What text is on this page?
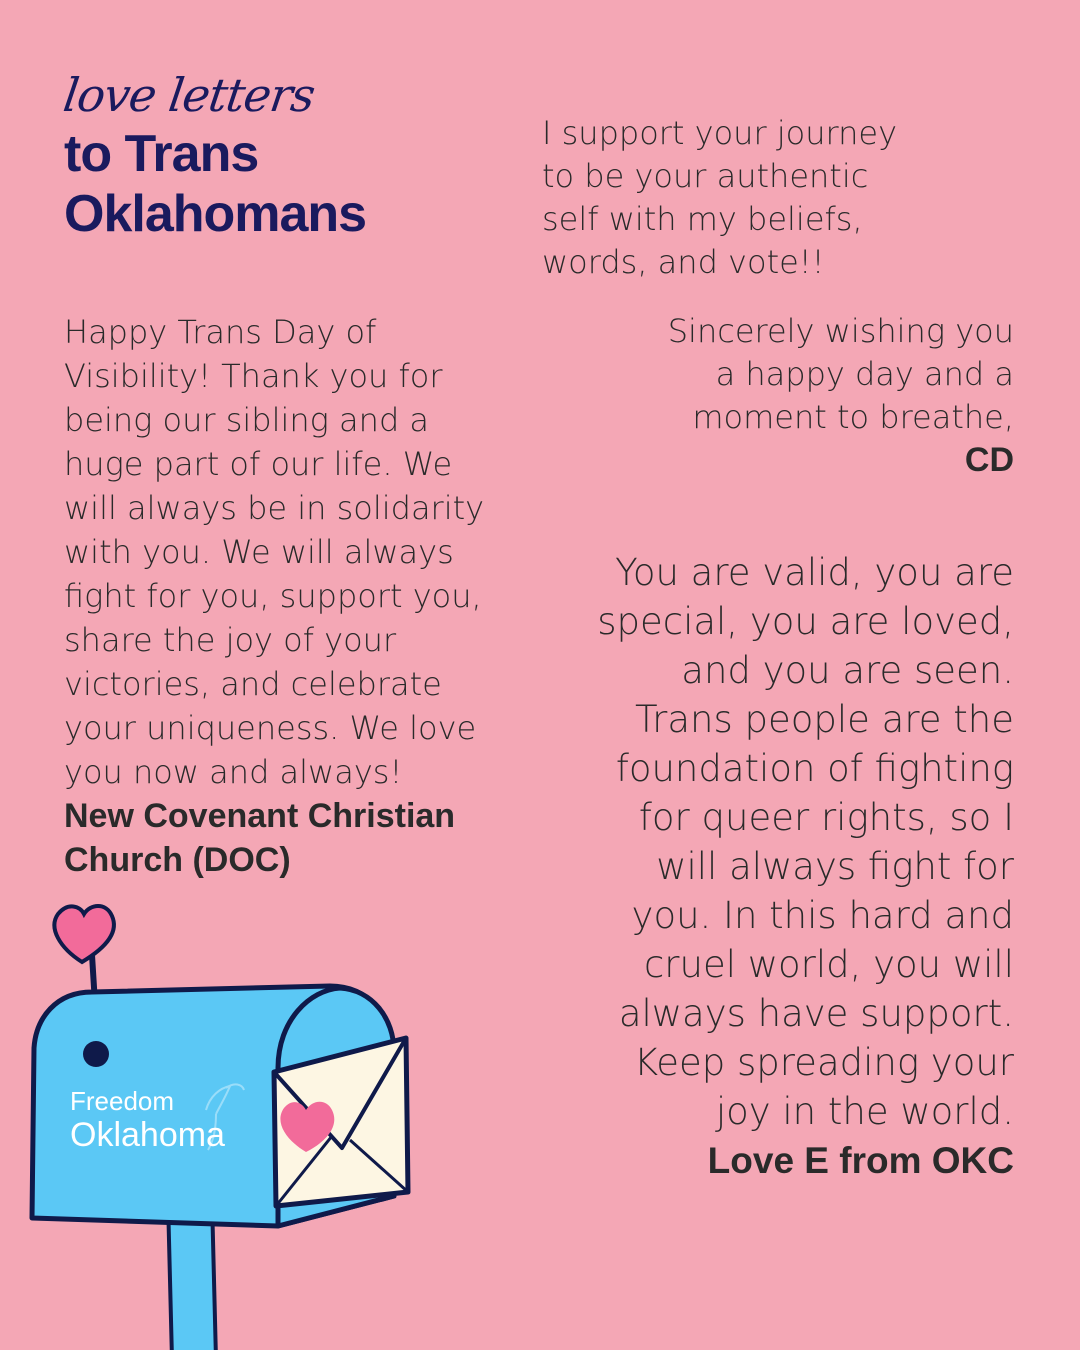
love letters
to Trans
Oklahomans
I support your journey
to be your authentic
self with my beliefs,
words, and vote!!
Happy Trans Day of
Visibility! Thank you for
being our sibling and a
huge part of our life. We
will always be in solidarity
with you. We will always
fight for you, support you,
share the joy of your
victories, and celebrate
your uniqueness. We love
you now and always!
New Covenant Christian
Church (DOC)
Sincerely wishing you
a happy day and a
moment to breathe,
CD
You are valid, you are
special, you are loved,
and you are seen.
Trans people are the
foundation of fighting
for queer rights, so I
will always fight for
you. In this hard and
cruel world, you will
always have support.
Keep spreading your
joy in the world.
Love E from OKC
Freedom
Oklahoma
